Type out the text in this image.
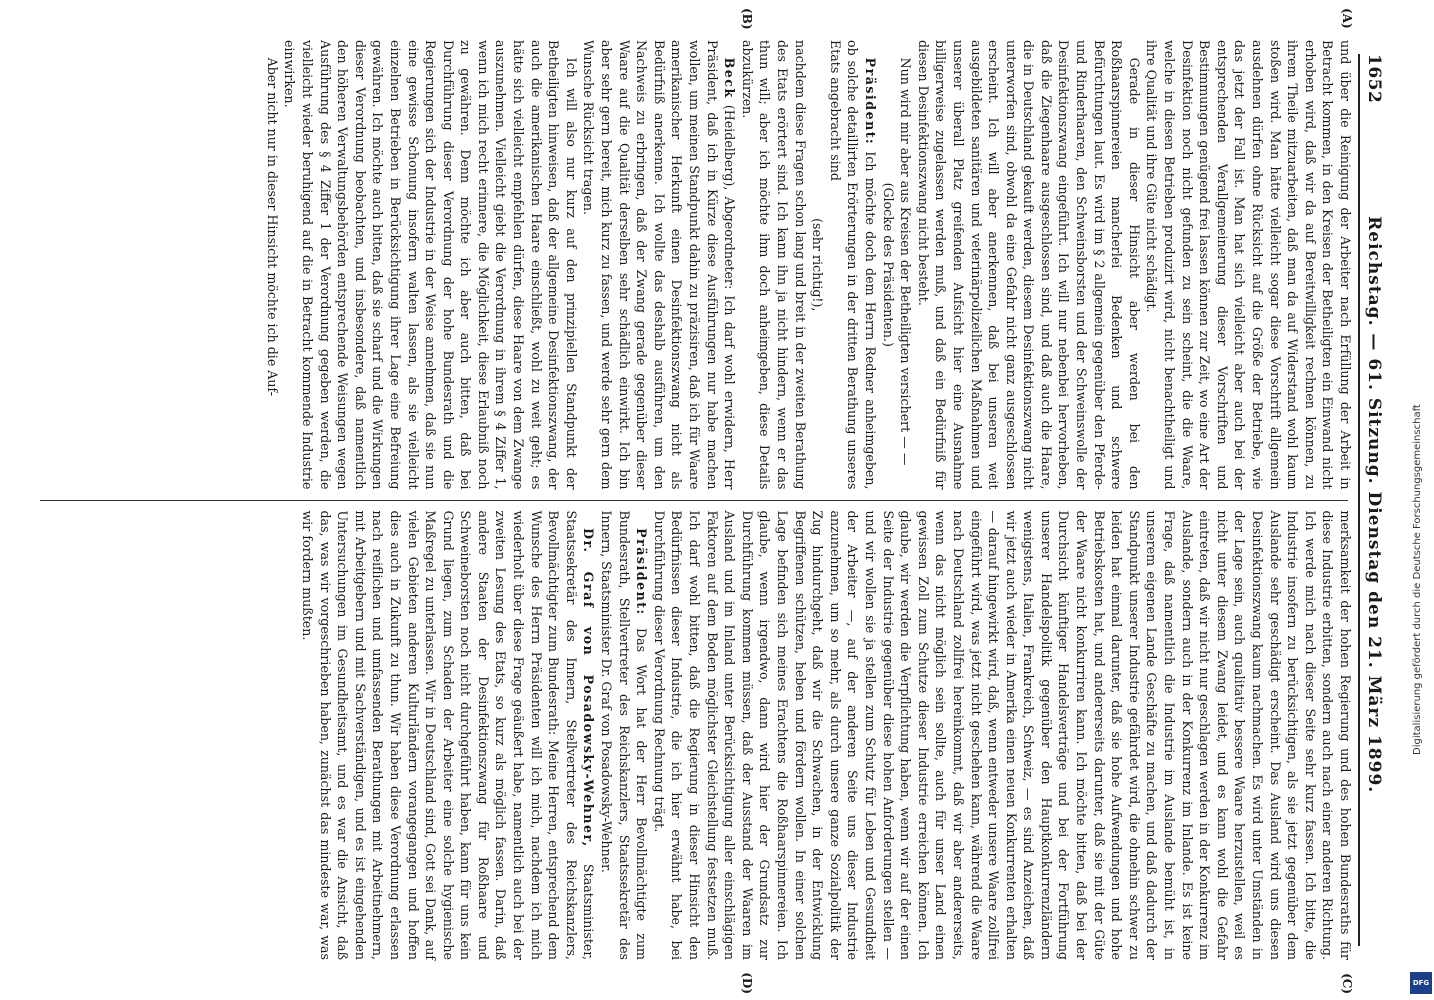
1652
Reichstag. — 61. Sitzung. Dienstag den 21. März 1899.
(A)
(B)
(C)
(D)

und über die Reinigung der Arbeiter nach Erfüllung der Arbeit in Betracht kommen, in den Kreisen der Betheiligten ein Einwand nicht erhoben wird, daß wir da auf Bereitwilligkeit rechnen können, zu ihrem Theile mitzuarbeiten, daß man da auf Widerstand wohl kaum stoßen wird. Man hätte vielleicht sogar diese Vorschrift allgemein ausdehnen dürfen ohne Rücksicht auf die Größe der Betriebe, wie das jetzt der Fall ist. Man hat sich vielleicht aber auch bei der entsprechenden Verallgemeinerung dieser Vorschriften und Bestimmungen genügend frei lassen können zur Zeit, wo eine Art der Desinfektion noch nicht gefunden zu sein scheint, die die Waare, welche in diesen Betrieben produzirt wird, nicht benachtheiligt und ihre Qualität und ihre Güte nicht schädigt.

Gerade in dieser Hinsicht aber werden bei den Roßhaarspinnereien mancherlei Bedenken und schwere Befürchtungen laut. Es wird im § 2 allgemein gegenüber den Pferde- und Rinderhaaren, den Schweinsborsten und der Schweinswolle der Desinfektionszwang eingeführt. Ich will nur nebenbei hervorheben, daß die Ziegenhaare ausgeschlossen sind, und daß auch die Haare, die in Deutschland gekauft werden, diesem Desinfektionszwang nicht unterworfen sind, obwohl da eine Gefahr nicht ganz ausgeschlossen erscheint. Ich will aber anerkennen, daß bei unseren weit ausgebildeten sanitären und veterinärpolizeilichen Maßnahmen und unserer überall Platz greifenden Aufsicht hier eine Ausnahme billigerweise zugelassen werden muß, und daß ein Bedürfniß für diesen Desinfektionszwang nicht besteht.

Nun wird mir aber aus Kreisen der Betheiligten versichert — —

(Glocke des Präsidenten.)

Präsident: Ich möchte doch dem Herrn Redner anheimgeben, ob solche detaillirten Erörterungen in der dritten Berathung unseres Etats angebracht sind

(sehr richtig!),

nachdem diese Fragen schon lang und breit in der zweiten Berathung des Etats erörtert sind. Ich kann ihn ja nicht hindern, wenn er das thun will; aber ich möchte ihm doch anheimgeben, diese Details abzukürzen.

Beck (Heidelberg), Abgeordneter: Ich darf wohl erwidern, Herr Präsident, daß ich in Kürze diese Ausführungen nur habe machen wollen, um meinen Standpunkt dahin zu präzisiren, daß ich für Waare amerikanischer Herkunft einen Desinfektionszwang nicht als Bedürfniß anerkenne. Ich wollte das deshalb ausführen, um den Nachweis zu erbringen, daß der Zwang gerade gegenüber dieser Waare auf die Qualität derselben sehr schädlich einwirkt. Ich bin aber sehr gern bereit, mich kurz zu fassen, und werde sehr gern dem Wunsche Rücksicht tragen.

Ich will also nur kurz auf den prinzipiellen Standpunkt der Betheiligten hinweisen, daß der allgemeine Desinfektionszwang, der auch die amerikanischen Haare einschließt, wohl zu weit geht; es hätte sich vielleicht empfehlen dürfen, diese Haare von dem Zwange auszunehmen. Vielleicht giebt die Verordnung in ihrem § 4 Ziffer 1, wenn ich mich recht erinnere, die Möglichkeit, diese Erlaubniß noch zu gewähren. Denn möchte ich aber auch bitten, daß bei Durchführung dieser Verordnung der hohe Bundesrath und die Regierungen sich der Industrie in der Weise annehmen, daß sie nun eine gewisse Schonung insofern walten lassen, als sie vielleicht einzelnen Betrieben in Berücksichtigung ihrer Lage eine Befreiung gewähren. Ich möchte auch bitten, daß sie scharf und die Wirkungen dieser Verordnung beobachten, und insbesondere, daß namentlich den höheren Verwaltungsbehörden entsprechende Weisungen wegen Ausführung des § 4 Ziffer 1 der Verordnung gegeben werden, die vielleicht wieder beruhigend auf die in Betracht kommende Industrie einwirken.

Aber nicht nur in dieser Hinsicht möchte ich die Auf-

merksamkeit der hohen Regierung und des hohen Bundesraths für diese Industrie erbitten, sondern auch nach einer anderen Richtung. Ich werde mich nach dieser Seite sehr kurz fassen. Ich bitte, die Industrie insofern zu berücksichtigen, als sie jetzt gegenüber dem Auslande sehr geschädigt erscheint. Das Ausland wird uns diesen Desinfektionszwang kaum nachmachen. Es wird unter Umständen in der Lage sein, auch qualitativ bessere Waare herzustellen, weil es nicht unter diesem Zwang leidet, und es kann wohl die Gefahr eintreten, daß wir nicht nur geschlagen werden in der Konkurrenz im Auslande, sondern auch in der Konkurrenz im Inlande. Es ist keine Frage, daß namentlich die Industrie im Auslande bemüht ist, in unserem eigenen Lande Geschäfte zu machen, und daß dadurch der Standpunkt unserer Industrie gefährdet wird, die ohnehin schwer zu leiden hat einmal darunter, daß sie hohe Aufwendungen und hohe Betriebskosten hat, und andererseits darunter, daß sie mit der Güte der Waare nicht konkurriren kann. Ich möchte bitten, daß bei der Durchsicht künftiger Handelsverträge und bei der Fortführung unserer Handelspolitik gegenüber den Hauptkonkurrenzländern wenigstens, Italien, Frankreich, Schweiz, — es sind Anzeichen, daß wir jetzt auch wieder in Amerika einen neuen Konkurrenten erhalten — darauf hingewirkt wird, daß, wenn entweder unsere Waare zollfrei eingeführt wird, was jetzt nicht geschehen kann, während die Waare nach Deutschland zollfrei hereinkommt, daß wir aber andererseits, wenn das nicht möglich sein sollte, auch für unser Land einen gewissen Zoll zum Schutze dieser Industrie erreichen können. Ich glaube, wir werden die Verpflichtung haben, wenn wir auf der einen Seite der Industrie gegenüber diese hohen Anforderungen stellen — und wir wollen sie ja stellen zum Schutz für Leben und Gesundheit der Arbeiter —, auf der anderen Seite uns dieser Industrie anzunehmen, um so mehr, als durch unsere ganze Sozialpolitik der Zug hindurchgeht, daß wir die Schwachen, in der Entwicklung Begriffenen schützen, heben und fördern wollen. In einer solchen Lage befinden sich meines Erachtens die Roßhaarspinnereien. Ich glaube, wenn irgendwo, dann wird hier der Grundsatz zur Durchführung kommen müssen, daß der Ausstand der Waaren im Ausland und im Inland unter Berücksichtigung aller einschlägigen Faktoren auf dem Boden möglichster Gleichstellung festsetzen muß. Ich darf wohl bitten, daß die Regierung in dieser Hinsicht den Bedürfnissen dieser Industrie, die ich hier erwähnt habe, bei Durchführung dieser Verordnung Rechnung trägt.

Präsident: Das Wort hat der Herr Bevollmächtigte zum Bundesrath, Stellvertreter des Reichskanzlers, Staatssekretär des Innern, Staatsminister Dr. Graf von Posadowsky-Wehner.

Dr. Graf von Posadowsky-Wehner, Staatsminister, Staatssekretär des Innern, Stellvertreter des Reichskanzlers, Bevollmächtigter zum Bundesrath: Meine Herren, entsprechend dem Wunsche des Herrn Präsidenten will ich mich, nachdem ich mich wiederholt über diese Frage geäußert habe, namentlich auch bei der zweiten Lesung des Etats, so kurz als möglich fassen. Darin, daß andere Staaten der Desinfektionszwang für Roßhaare und Schweineborsten noch nicht durchgeführt haben, kann für uns kein Grund liegen, zum Schaden der Arbeiter eine solche hygienische Maßregel zu unterlassen. Wir in Deutschland sind, Gott sei Dank, auf vielen Gebieten anderen Kulturländern vorangegangen und hoffen dies auch in Zukunft zu thun. Wir haben diese Verordnung erlassen nach reiflichen und umfassenden Berathungen mit Arbeitnehmern, mit Arbeitgebern und mit Sachverständigen, und es ist eingehenden Untersuchungen im Gesundheitsamt, und es war die Ansicht, daß das, was wir vorgeschrieben haben, zunächst das mindeste war, was wir fordern mußten.	Digitalisierung gefördert durch die Deutsche Forschungsgemeinschaft
DFG
